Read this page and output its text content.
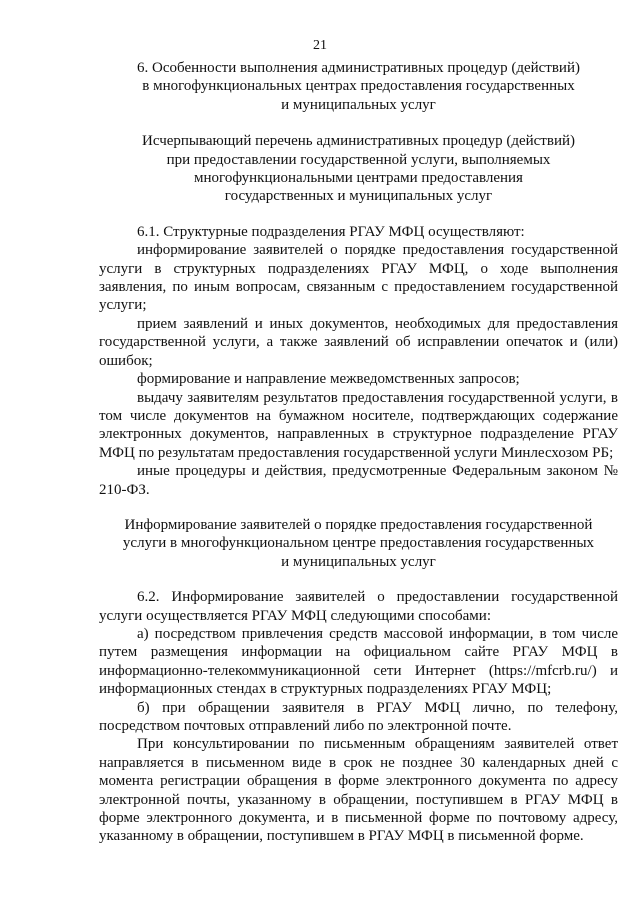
21
6. Особенности выполнения административных процедур (действий)
в многофункциональных центрах предоставления государственных
и муниципальных услуг
Исчерпывающий перечень административных процедур (действий)
при предоставлении государственной услуги, выполняемых
многофункциональными центрами предоставления
государственных и муниципальных услуг

6.1. Структурные подразделения РГАУ МФЦ осуществляют:

информирование заявителей о порядке предоставления государственной услуги в структурных подразделениях РГАУ МФЦ, о ходе выполнения заявления, по иным вопросам, связанным с предоставлением государственной услуги;

прием заявлений и иных документов, необходимых для предоставления государственной услуги, а также заявлений об исправлении опечаток и (или) ошибок;

формирование и направление межведомственных запросов;

выдачу заявителям результатов предоставления государственной услуги, в том числе документов на бумажном носителе, подтверждающих содержание электронных документов, направленных в структурное подразделение РГАУ МФЦ по результатам предоставления государственной услуги Минлесхозом РБ;

иные процедуры и действия, предусмотренные Федеральным законом № 210-ФЗ.

Информирование заявителей о порядке предоставления государственной
услуги в многофункциональном центре предоставления государственных
и муниципальных услуг

6.2. Информирование заявителей о предоставлении государственной услуги осуществляется РГАУ МФЦ следующими способами:

а) посредством привлечения средств массовой информации, в том числе путем размещения информации на официальном сайте РГАУ МФЦ в информационно-телекоммуникационной сети Интернет (https://mfcrb.ru/) и информационных стендах в структурных подразделениях РГАУ МФЦ;

б) при обращении заявителя в РГАУ МФЦ лично, по телефону, посредством почтовых отправлений либо по электронной почте.

При консультировании по письменным обращениям заявителей ответ направляется в письменном виде в срок не позднее 30 календарных дней с момента регистрации обращения в форме электронного документа по адресу электронной почты, указанному в обращении, поступившем в РГАУ МФЦ в форме электронного документа, и в письменной форме по почтовому адресу, указанному в обращении, поступившем в РГАУ МФЦ в письменной форме.
